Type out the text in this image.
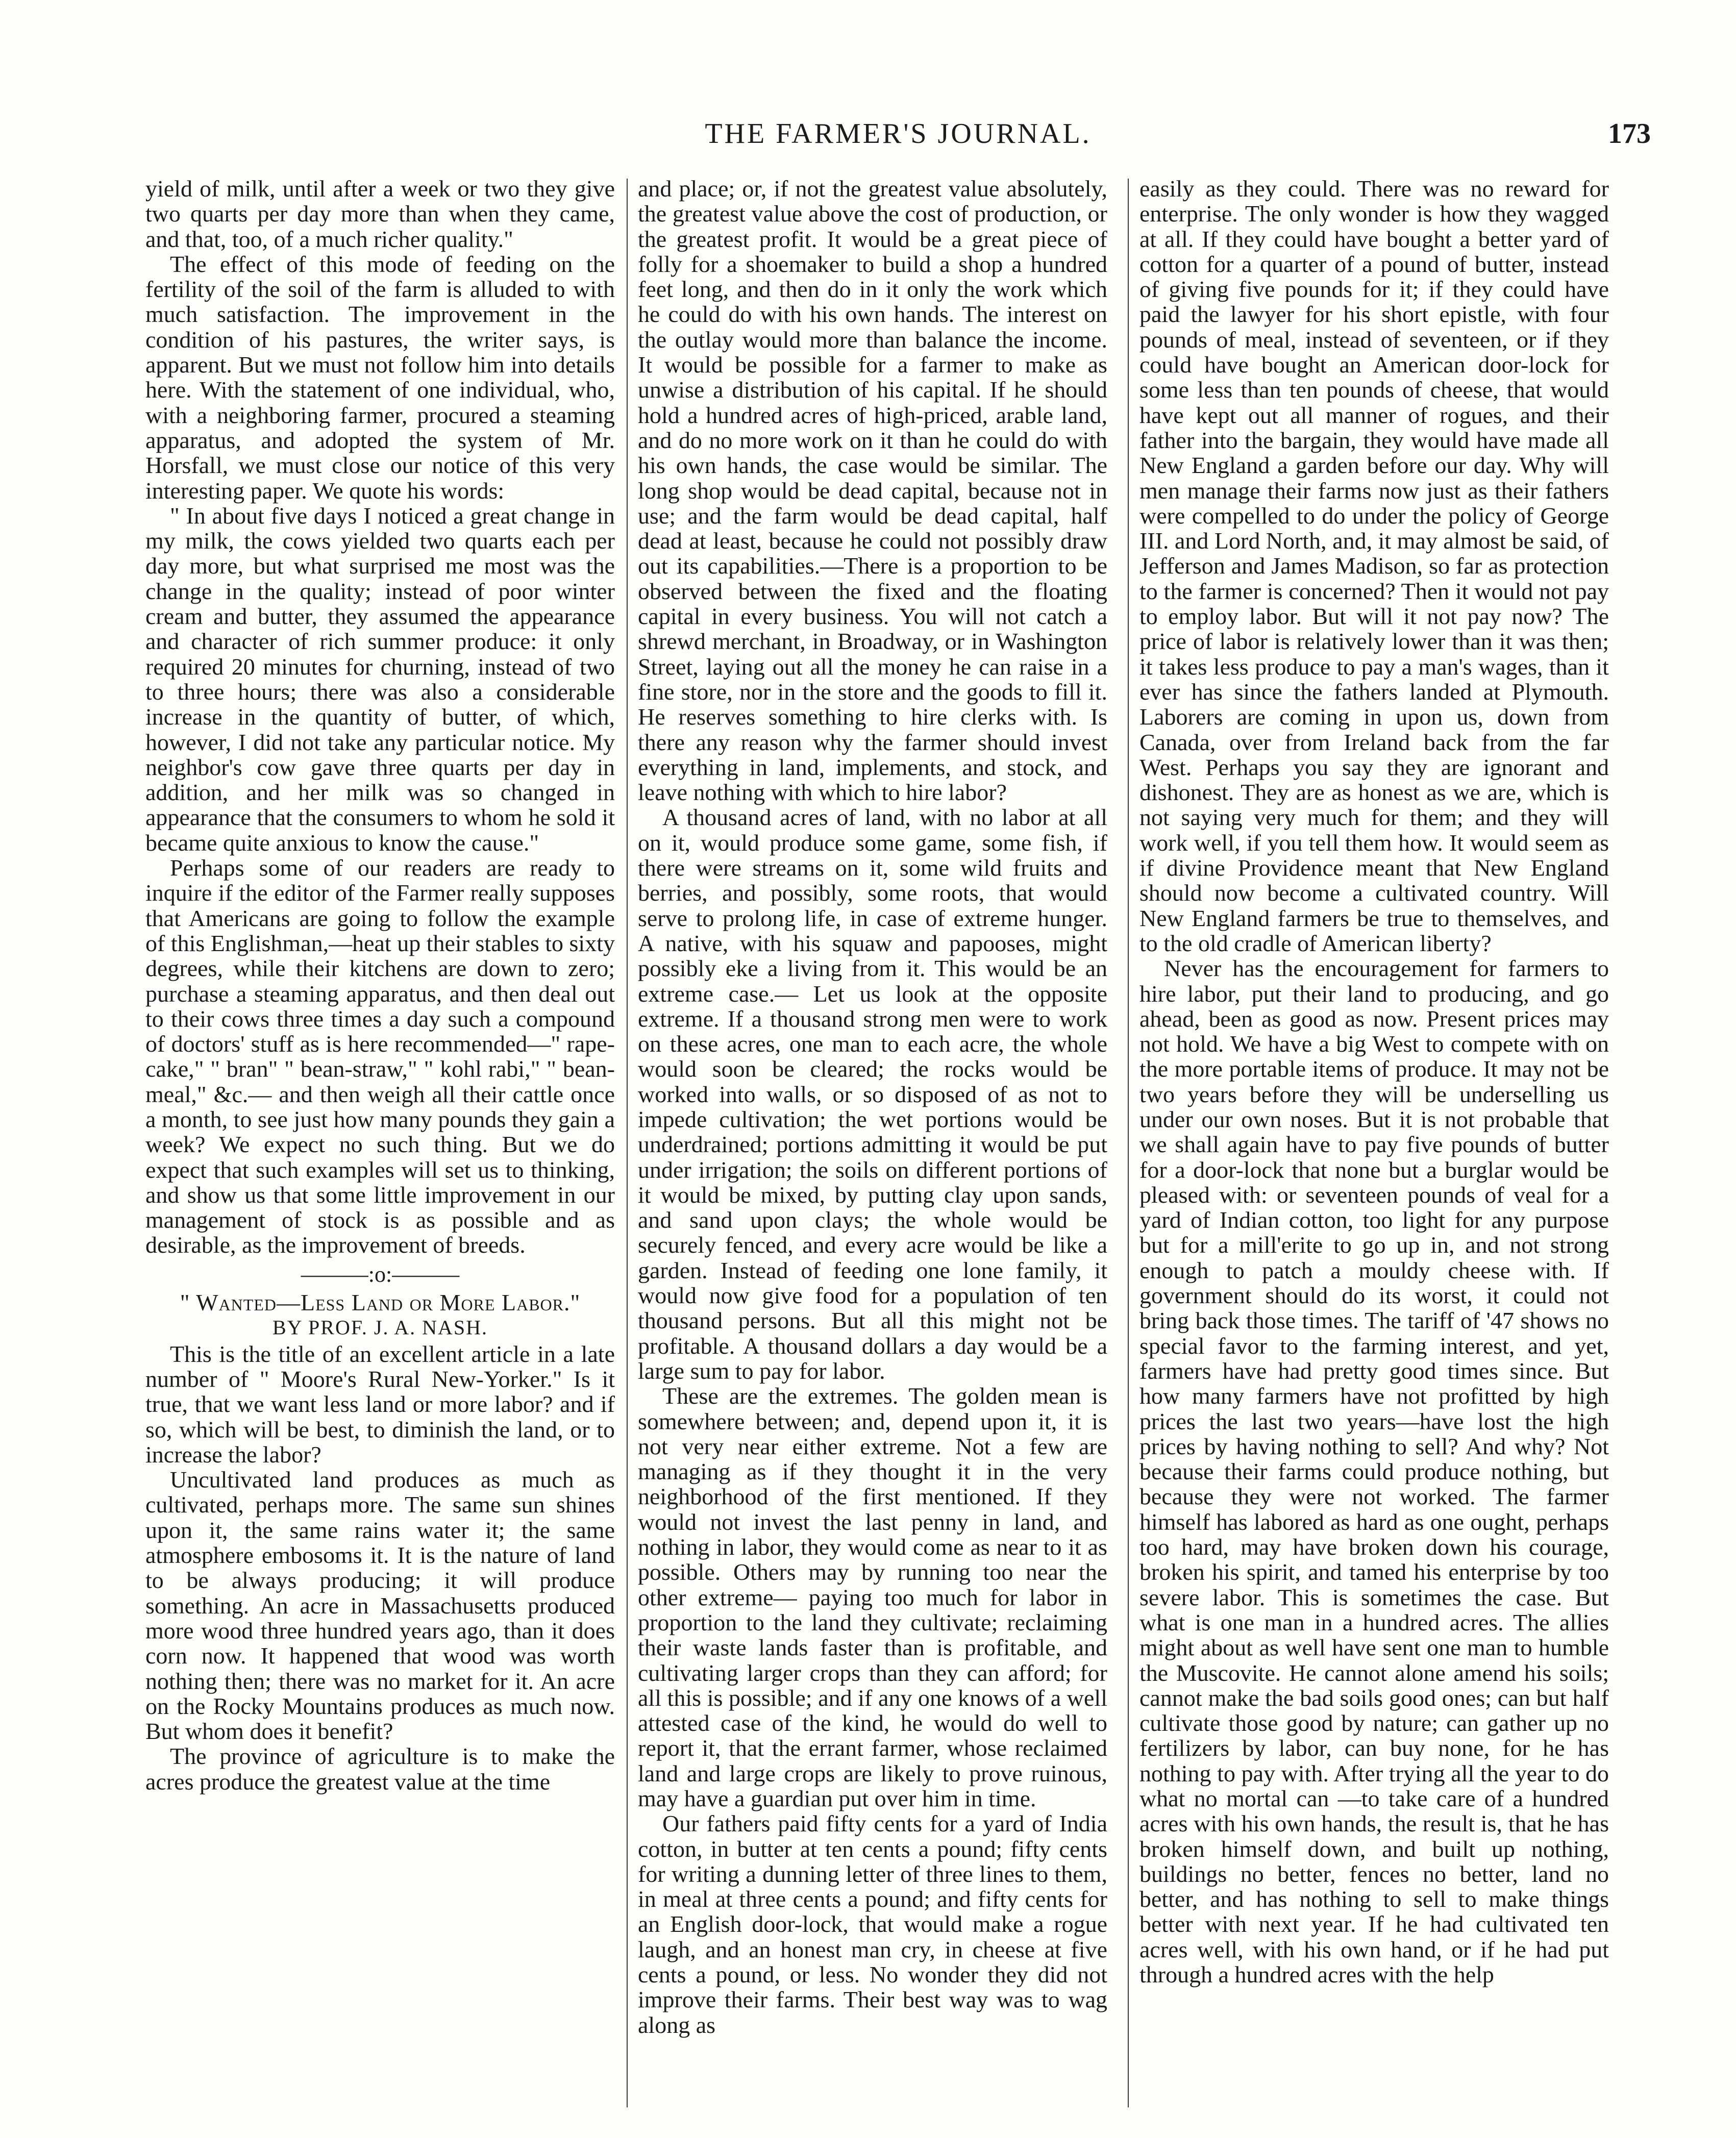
THE FARMER'S JOURNAL.	173

yield of milk, until after a week or two they give two quarts per day more than when they came, and that, too, of a much richer quality."

The effect of this mode of feeding on the fertility of the soil of the farm is alluded to with much satisfaction. The improvement in the condition of his pastures, the writer says, is apparent. But we must not follow him into details here. With the statement of one individual, who, with a neighboring farmer, procured a steaming apparatus, and adopted the system of Mr. Horsfall, we must close our notice of this very interesting paper. We quote his words:

" In about five days I noticed a great change in my milk, the cows yielded two quarts each per day more, but what surprised me most was the change in the quality; instead of poor winter cream and butter, they assumed the appearance and character of rich summer produce: it only required 20 minutes for churning, instead of two to three hours; there was also a considerable increase in the quantity of butter, of which, however, I did not take any particular notice. My neighbor's cow gave three quarts per day in addition, and her milk was so changed in appearance that the consumers to whom he sold it became quite anxious to know the cause."

Perhaps some of our readers are ready to inquire if the editor of the Farmer really supposes that Americans are going to follow the example of this Englishman,—heat up their stables to sixty degrees, while their kitchens are down to zero; purchase a steaming apparatus, and then deal out to their cows three times a day such a compound of doctors' stuff as is here recommended—" rape-cake," " bran" " bean-straw," " kohl rabi," " bean-meal," &c.— and then weigh all their cattle once a month, to see just how many pounds they gain a week? We expect no such thing. But we do expect that such examples will set us to thinking, and show us that some little improvement in our management of stock is as possible and as desirable, as the improvement of breeds.

———:o:———
" Wanted—Less Land or More Labor."
BY PROF. J. A. NASH.

This is the title of an excellent article in a late number of " Moore's Rural New-Yorker." Is it true, that we want less land or more labor? and if so, which will be best, to diminish the land, or to increase the labor?

Uncultivated land produces as much as cultivated, perhaps more. The same sun shines upon it, the same rains water it; the same atmosphere embosoms it. It is the nature of land to be always producing; it will produce something. An acre in Massachusetts produced more wood three hundred years ago, than it does corn now. It happened that wood was worth nothing then; there was no market for it. An acre on the Rocky Mountains produces as much now. But whom does it benefit?

The province of agriculture is to make the acres produce the greatest value at the time

and place; or, if not the greatest value absolutely, the greatest value above the cost of production, or the greatest profit. It would be a great piece of folly for a shoemaker to build a shop a hundred feet long, and then do in it only the work which he could do with his own hands. The interest on the outlay would more than balance the income. It would be possible for a farmer to make as unwise a distribution of his capital. If he should hold a hundred acres of high-priced, arable land, and do no more work on it than he could do with his own hands, the case would be similar. The long shop would be dead capital, because not in use; and the farm would be dead capital, half dead at least, because he could not possibly draw out its capabilities.—There is a proportion to be observed between the fixed and the floating capital in every business. You will not catch a shrewd merchant, in Broadway, or in Washington Street, laying out all the money he can raise in a fine store, nor in the store and the goods to fill it. He reserves something to hire clerks with. Is there any reason why the farmer should invest everything in land, implements, and stock, and leave nothing with which to hire labor?

A thousand acres of land, with no labor at all on it, would produce some game, some fish, if there were streams on it, some wild fruits and berries, and possibly, some roots, that would serve to prolong life, in case of extreme hunger. A native, with his squaw and papooses, might possibly eke a living from it. This would be an extreme case.— Let us look at the opposite extreme. If a thousand strong men were to work on these acres, one man to each acre, the whole would soon be cleared; the rocks would be worked into walls, or so disposed of as not to impede cultivation; the wet portions would be underdrained; portions admitting it would be put under irrigation; the soils on different portions of it would be mixed, by putting clay upon sands, and sand upon clays; the whole would be securely fenced, and every acre would be like a garden. Instead of feeding one lone family, it would now give food for a population of ten thousand persons. But all this might not be profitable. A thousand dollars a day would be a large sum to pay for labor.

These are the extremes. The golden mean is somewhere between; and, depend upon it, it is not very near either extreme. Not a few are managing as if they thought it in the very neighborhood of the first mentioned. If they would not invest the last penny in land, and nothing in labor, they would come as near to it as possible. Others may by running too near the other extreme— paying too much for labor in proportion to the land they cultivate; reclaiming their waste lands faster than is profitable, and cultivating larger crops than they can afford; for all this is possible; and if any one knows of a well attested case of the kind, he would do well to report it, that the errant farmer, whose reclaimed land and large crops are likely to prove ruinous, may have a guardian put over him in time.

Our fathers paid fifty cents for a yard of India cotton, in butter at ten cents a pound; fifty cents for writing a dunning letter of three lines to them, in meal at three cents a pound; and fifty cents for an English door-lock, that would make a rogue laugh, and an honest man cry, in cheese at five cents a pound, or less. No wonder they did not improve their farms. Their best way was to wag along as

easily as they could. There was no reward for enterprise. The only wonder is how they wagged at all. If they could have bought a better yard of cotton for a quarter of a pound of butter, instead of giving five pounds for it; if they could have paid the lawyer for his short epistle, with four pounds of meal, instead of seventeen, or if they could have bought an American door-lock for some less than ten pounds of cheese, that would have kept out all manner of rogues, and their father into the bargain, they would have made all New England a garden before our day. Why will men manage their farms now just as their fathers were compelled to do under the policy of George III. and Lord North, and, it may almost be said, of Jefferson and James Madison, so far as protection to the farmer is concerned? Then it would not pay to employ labor. But will it not pay now? The price of labor is relatively lower than it was then; it takes less produce to pay a man's wages, than it ever has since the fathers landed at Plymouth. Laborers are coming in upon us, down from Canada, over from Ireland back from the far West. Perhaps you say they are ignorant and dishonest. They are as honest as we are, which is not saying very much for them; and they will work well, if you tell them how. It would seem as if divine Providence meant that New England should now become a cultivated country. Will New England farmers be true to themselves, and to the old cradle of American liberty?

Never has the encouragement for farmers to hire labor, put their land to producing, and go ahead, been as good as now. Present prices may not hold. We have a big West to compete with on the more portable items of produce. It may not be two years before they will be underselling us under our own noses. But it is not probable that we shall again have to pay five pounds of butter for a door-lock that none but a burglar would be pleased with: or seventeen pounds of veal for a yard of Indian cotton, too light for any purpose but for a mill'erite to go up in, and not strong enough to patch a mouldy cheese with. If government should do its worst, it could not bring back those times. The tariff of '47 shows no special favor to the farming interest, and yet, farmers have had pretty good times since. But how many farmers have not profitted by high prices the last two years—have lost the high prices by having nothing to sell? And why? Not because their farms could produce nothing, but because they were not worked. The farmer himself has labored as hard as one ought, perhaps too hard, may have broken down his courage, broken his spirit, and tamed his enterprise by too severe labor. This is sometimes the case. But what is one man in a hundred acres. The allies might about as well have sent one man to humble the Muscovite. He cannot alone amend his soils; cannot make the bad soils good ones; can but half cultivate those good by nature; can gather up no fertilizers by labor, can buy none, for he has nothing to pay with. After trying all the year to do what no mortal can —to take care of a hundred acres with his own hands, the result is, that he has broken himself down, and built up nothing, buildings no better, fences no better, land no better, and has nothing to sell to make things better with next year. If he had cultivated ten acres well, with his own hand, or if he had put through a hundred acres with the help
